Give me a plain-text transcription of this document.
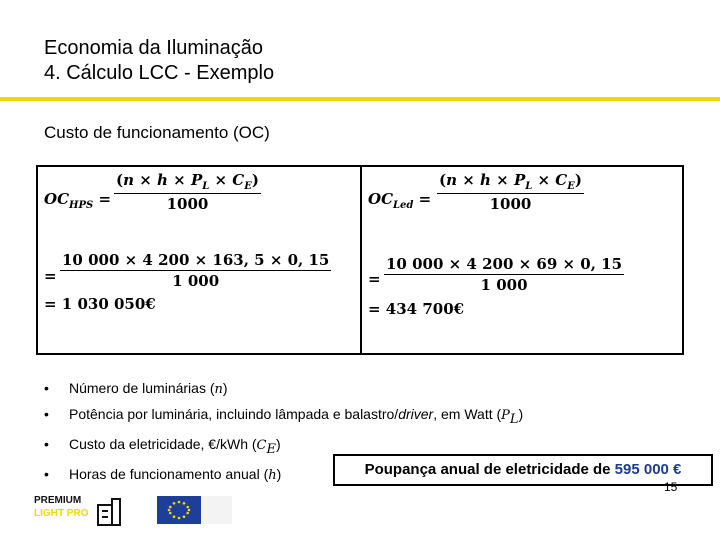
Economia da Iluminação
4. Cálculo LCC - Exemplo
Custo de funcionamento (OC)
$OC_{HPS} = \frac{(n \times h \times P_L \times C_E)}{1000}$
= $\frac{10 000 \times 4 200 \times 163, 5 \times 0, 15}{1 000}$
= 1 030 050€
$OC_{Led} = \frac{(n \times h \times P_L \times C_E)}{1000}$
= $\frac{10 000 \times 4 200 \times 69 \times 0, 15}{1 000}$
= 434 700€
• Número de luminárias (n)
• Potência por luminária, incluindo lâmpada e balastro/driver, em Watt $(P_L)$
• Custo da eletricidade, €/kWh $(C_E)$
• Horas de funcionamento anual (h)	Poupança anual de eletricidade de 595 000 €
PREMIUM
LIGHT PRO
15
